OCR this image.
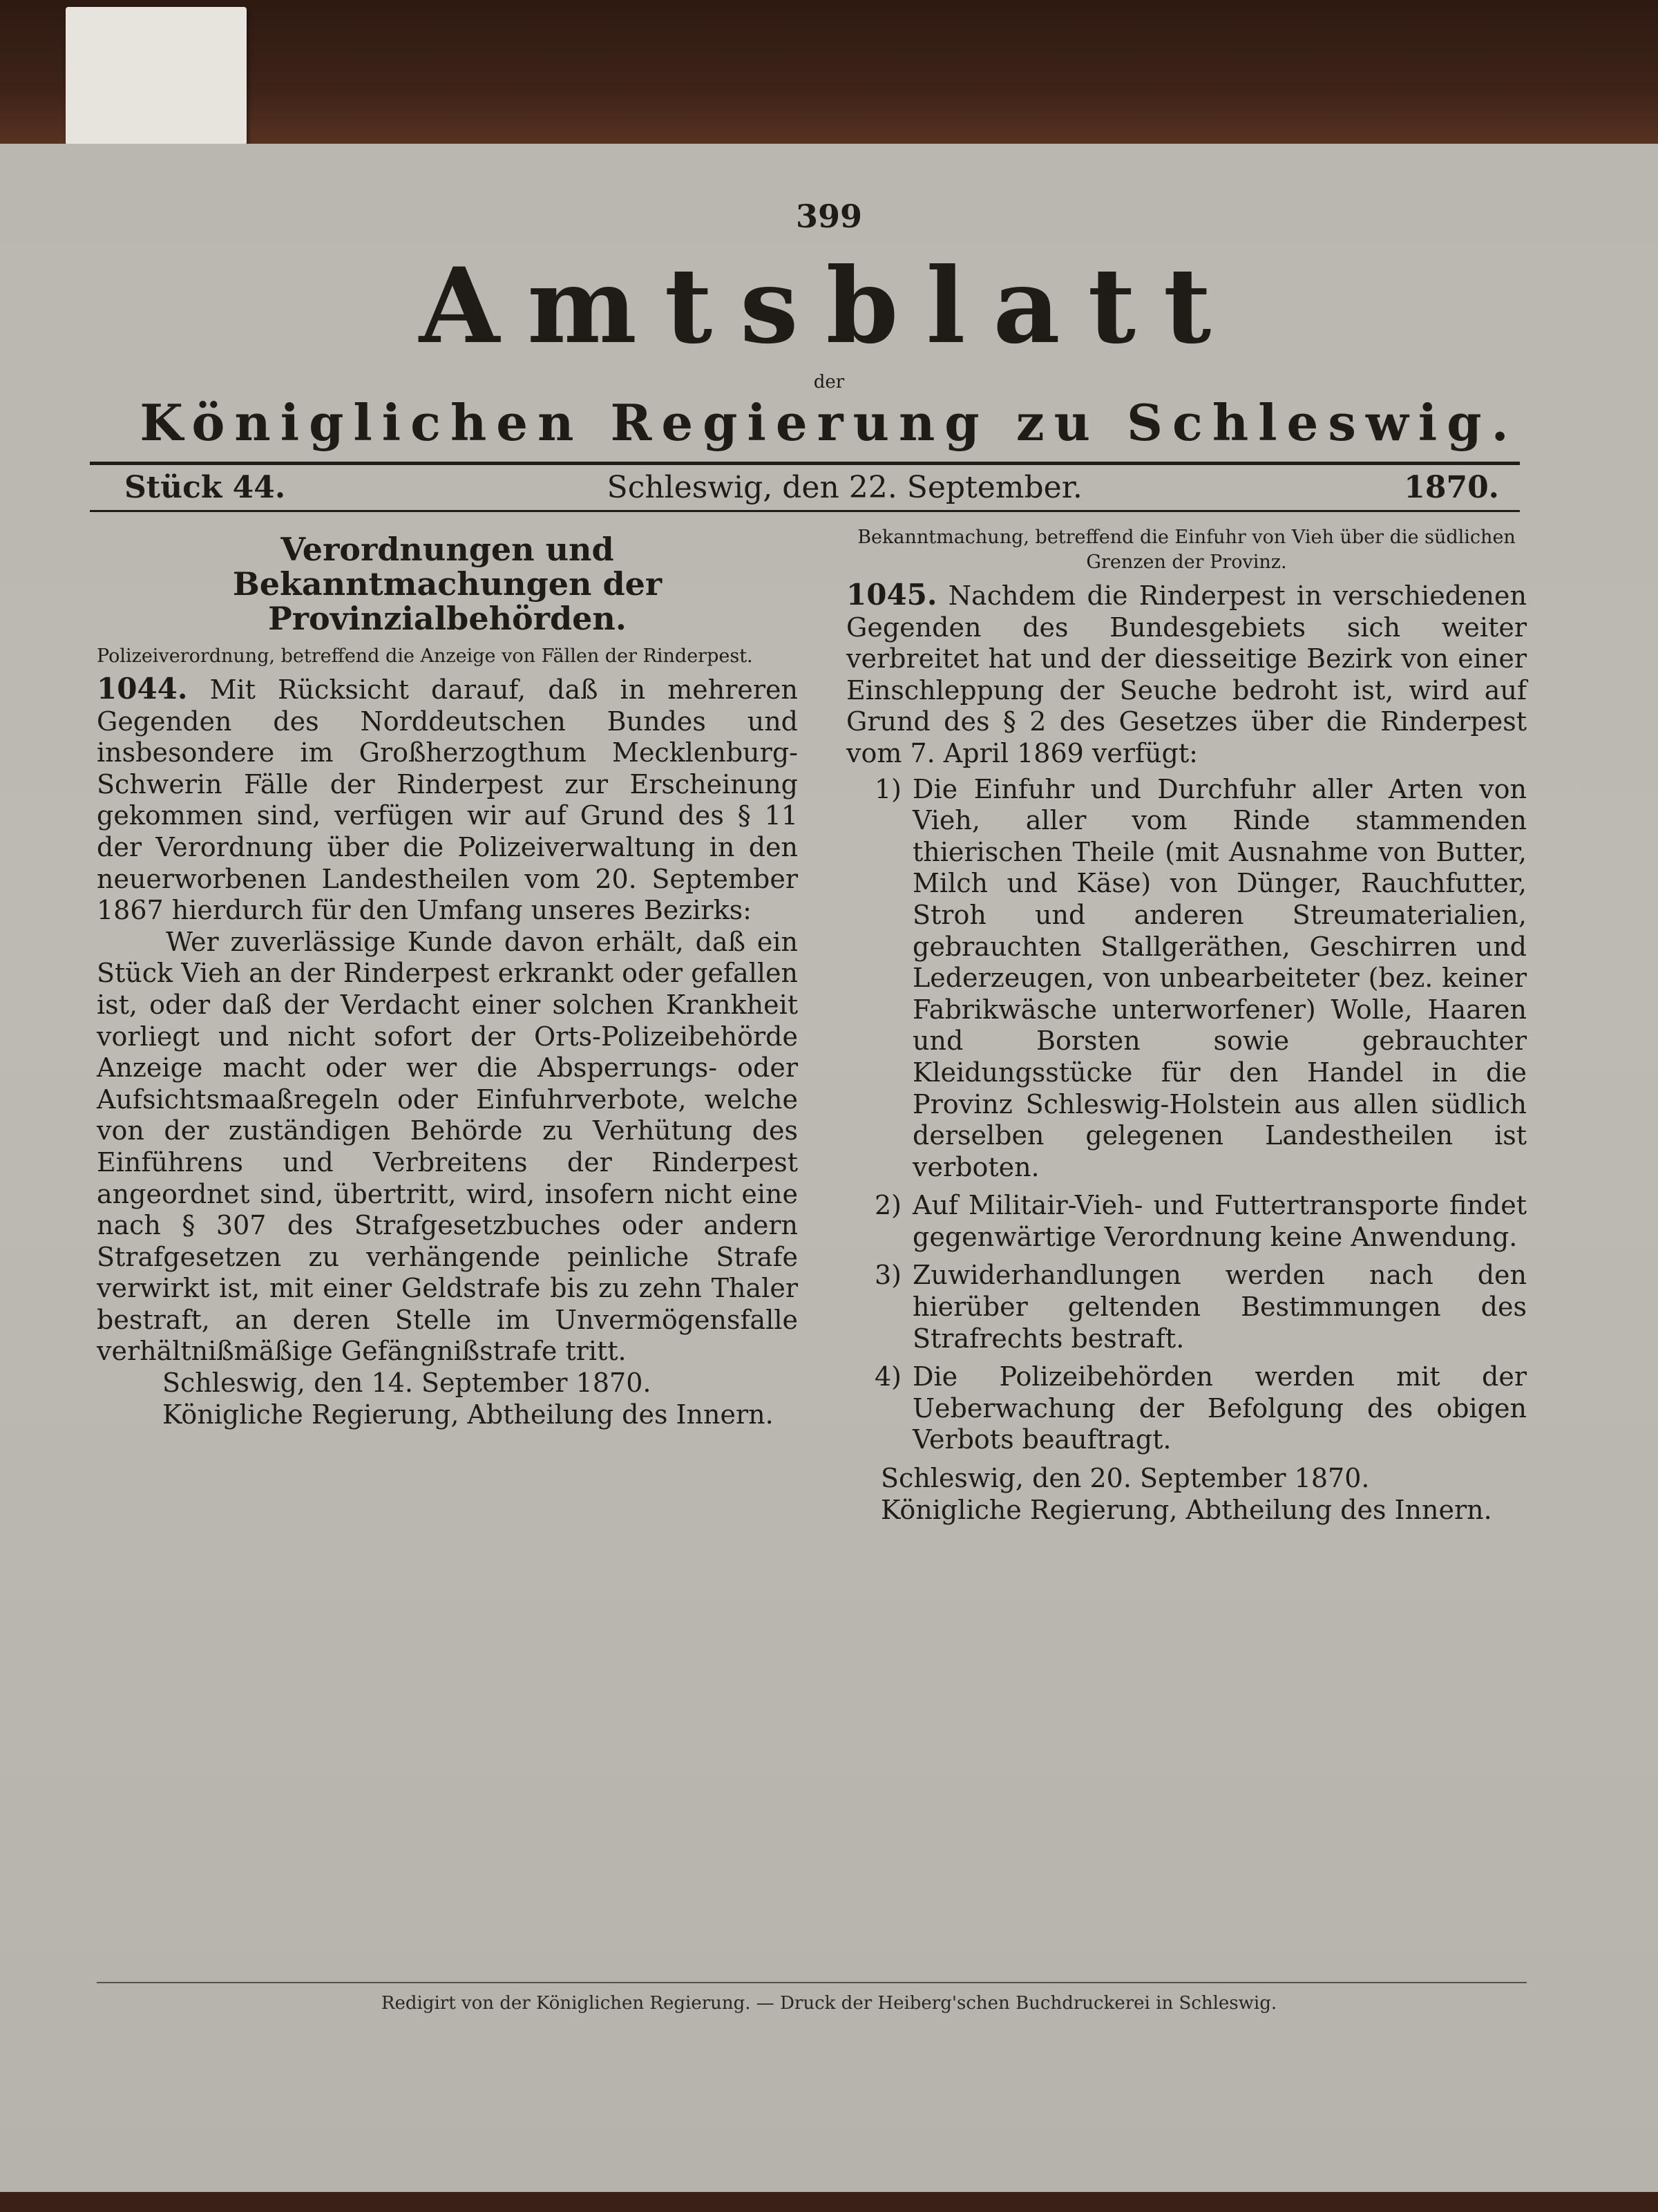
399
Amtsblatt
der
Königlichen Regierung zu Schleswig.
Stück 44.	Schleswig, den 22. September.	1870.
Verordnungen und Bekanntmachungen der Provinzialbehörden.

Polizeiverordnung, betreffend die Anzeige von Fällen der Rinderpest.

1044. Mit Rücksicht darauf, daß in mehreren Gegenden des Norddeutschen Bundes und insbesondere im Großherzogthum Mecklenburg-Schwerin Fälle der Rinderpest zur Erscheinung gekommen sind, verfügen wir auf Grund des § 11 der Verordnung über die Polizeiverwaltung in den neuerworbenen Landestheilen vom 20. September 1867 hierdurch für den Umfang unseres Bezirks:

Wer zuverlässige Kunde davon erhält, daß ein Stück Vieh an der Rinderpest erkrankt oder gefallen ist, oder daß der Verdacht einer solchen Krankheit vorliegt und nicht sofort der Orts-Polizeibehörde Anzeige macht oder wer die Absperrungs- oder Aufsichtsmaaßregeln oder Einfuhrverbote, welche von der zuständigen Behörde zu Verhütung des Einführens und Verbreitens der Rinderpest angeordnet sind, übertritt, wird, insofern nicht eine nach § 307 des Strafgesetzbuches oder andern Strafgesetzen zu verhängende peinliche Strafe verwirkt ist, mit einer Geldstrafe bis zu zehn Thaler bestraft, an deren Stelle im Unvermögensfalle verhältnißmäßige Gefängnißstrafe tritt.

Schleswig, den 14. September 1870.

Königliche Regierung, Abtheilung des Innern.

Bekanntmachung, betreffend die Einfuhr von Vieh über die südlichen Grenzen der Provinz.

1045. Nachdem die Rinderpest in verschiedenen Gegenden des Bundesgebiets sich weiter verbreitet hat und der diesseitige Bezirk von einer Einschleppung der Seuche bedroht ist, wird auf Grund des § 2 des Gesetzes über die Rinderpest vom 7. April 1869 verfügt:

1) Die Einfuhr und Durchfuhr aller Arten von Vieh, aller vom Rinde stammenden thierischen Theile (mit Ausnahme von Butter, Milch und Käse) von Dünger, Rauchfutter, Stroh und anderen Streumaterialien, gebrauchten Stallgeräthen, Geschirren und Lederzeugen, von unbearbeiteter (bez. keiner Fabrikwäsche unterworfener) Wolle, Haaren und Borsten sowie gebrauchter Kleidungsstücke für den Handel in die Provinz Schleswig-Holstein aus allen südlich derselben gelegenen Landestheilen ist verboten.
2) Auf Militair-Vieh- und Futtertransporte findet gegenwärtige Verordnung keine Anwendung.
3) Zuwiderhandlungen werden nach den hierüber geltenden Bestimmungen des Strafrechts bestraft.
4) Die Polizeibehörden werden mit der Ueberwachung der Befolgung des obigen Verbots beauftragt.

Schleswig, den 20. September 1870.

Königliche Regierung, Abtheilung des Innern.

Redigirt von der Königlichen Regierung. — Druck der Heiberg'schen Buchdruckerei in Schleswig.
